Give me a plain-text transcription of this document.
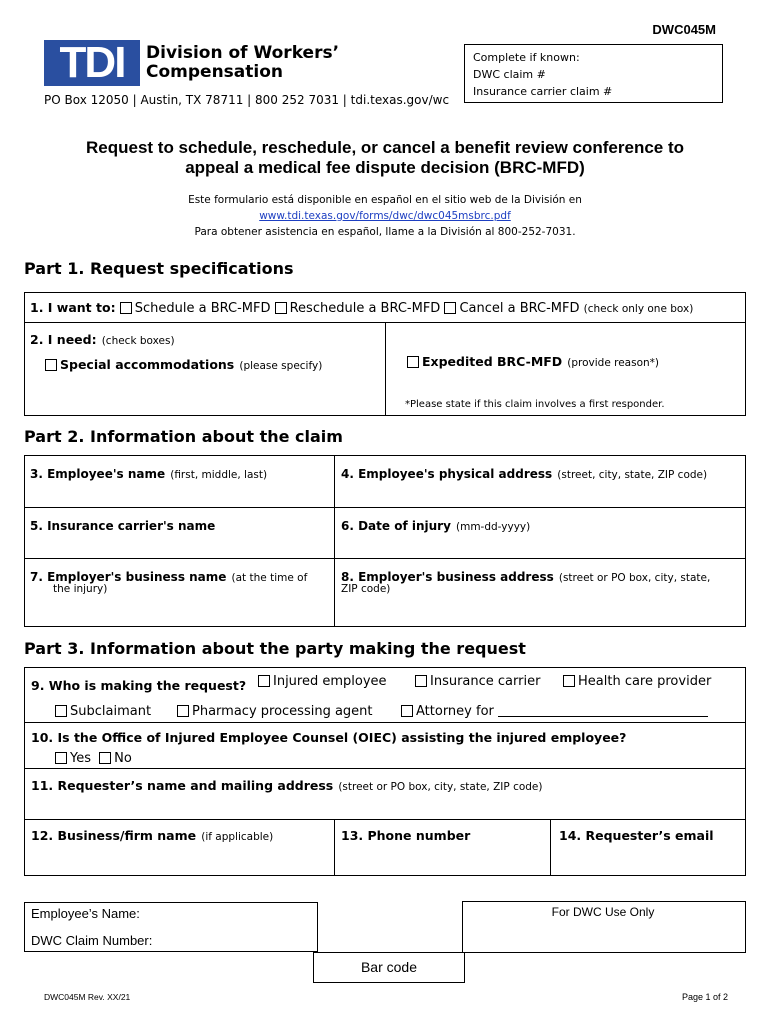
DWC045M
TDI	Division of Workers’
Compensation
PO Box 12050 | Austin, TX 78711 | 800 252 7031 | tdi.texas.gov/wc
Complete if known:
DWC claim #
Insurance carrier claim #
Request to schedule, reschedule, or cancel a benefit review conference to
appeal a medical fee dispute decision (BRC-MFD)
Este formulario está disponible en español en el sitio web de la División en
www.tdi.texas.gov/forms/dwc/dwc045msbrc.pdf
Para obtener asistencia en español, llame a la División al 800-252-7031.
Part 1. Request specifications
1. I want to: Schedule a BRC-MFD Reschedule a BRC-MFD Cancel a BRC-MFD (check only one box)
2. I need: (check boxes)
Special accommodations (please specify)	Expedited BRC-MFD (provide reason*)
*Please state if this claim involves a first responder.
Part 2. Information about the claim
3. Employee's name (first, middle, last)	4. Employee's physical address (street, city, state, ZIP code)
5. Insurance carrier's name	6. Date of injury (mm-dd-yyyy)
7. Employer's business name (at the time of
the injury)
8. Employer's business address (street or PO box, city, state,
ZIP code)
Part 3. Information about the party making the request
9. Who is making the request?	Injured employee	Insurance carrier	Health care provider
Subclaimant	Pharmacy processing agent	Attorney for
10. Is the Office of Injured Employee Counsel (OIEC) assisting the injured employee?
Yes No
11. Requester’s name and mailing address (street or PO box, city, state, ZIP code)
12. Business/firm name (if applicable)	13. Phone number	14. Requester’s email
Employee’s Name:
DWC Claim Number:
For DWC Use Only
Bar code
DWC045M Rev. XX/21	Page 1 of 2
